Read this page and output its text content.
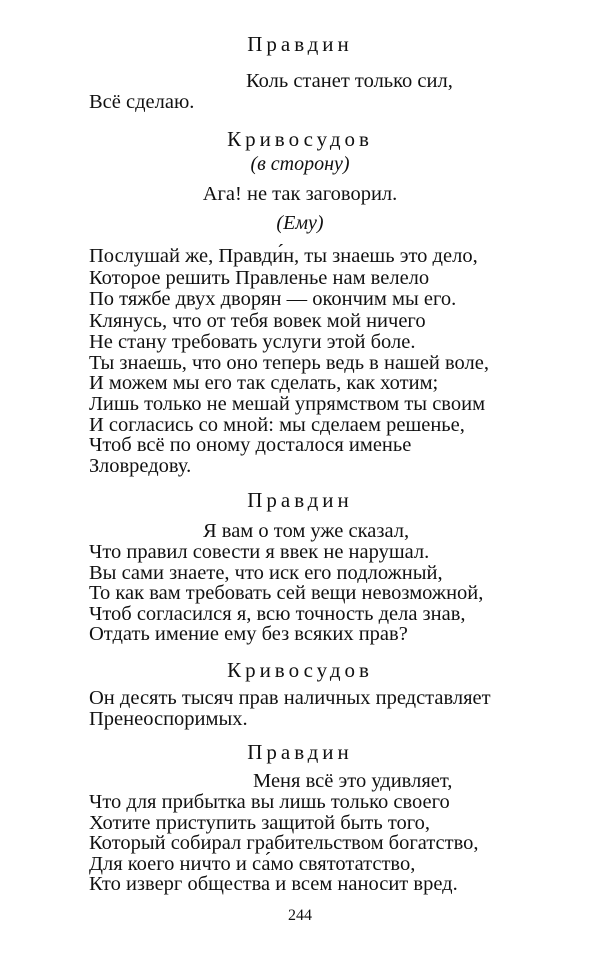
Правдин
Коль станет только сил,
Всё сделаю.
Кривосудов
(в сторону)
Ага! не так заговорил.
(Ему)
Послушай же, Правди́н, ты знаешь это дело,
Которое решить Правленье нам велело
По тяжбе двух дворян — окончим мы его.
Клянусь, что от тебя вовек мой ничего
Не стану требовать услуги этой боле.
Ты знаешь, что оно теперь ведь в нашей воле,
И можем мы его так сделать, как хотим;
Лишь только не мешай упрямством ты своим
И согласись со мной: мы сделаем решенье,
Чтоб всё по оному досталося именье
Зловредову.
Правдин
Я вам о том уже сказал,
Что правил совести я ввек не нарушал.
Вы сами знаете, что иск его подложный,
То как вам требовать сей вещи невозможной,
Чтоб согласился я, всю точность дела знав,
Отдать имение ему без всяких прав?
Кривосудов
Он десять тысяч прав наличных представляет
Пренеоспоримых.
Правдин
Меня всё это удивляет,
Что для прибытка вы лишь только своего
Хотите приступить защитой быть того,
Который собирал грабительством богатство,
Для коего ничто и са́мо святотатство,
Кто изверг общества и всем наносит вред.
244
